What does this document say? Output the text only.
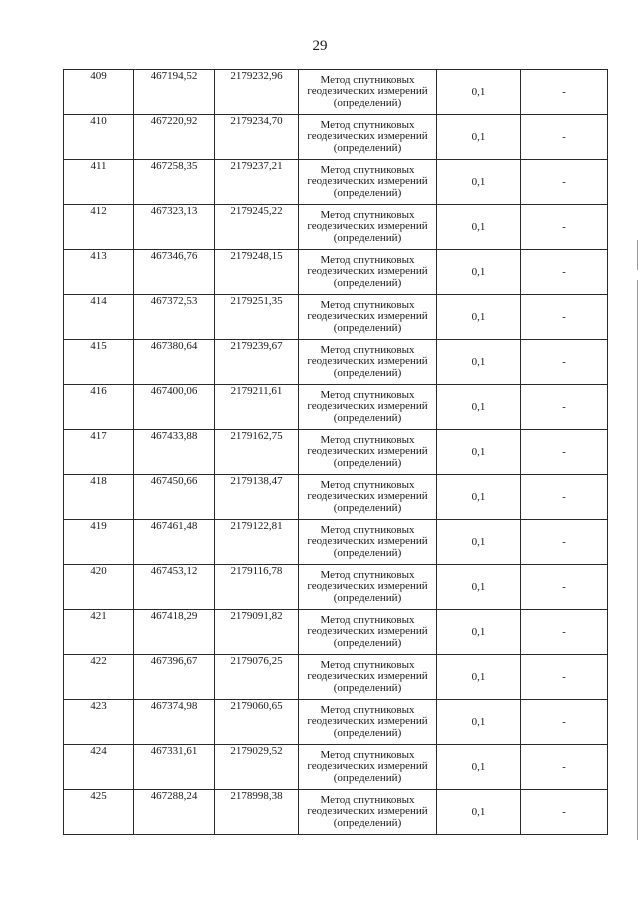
29
409	467194,52	2179232,96	Метод спутниковых
геодезических измерений
(определений)	0,1	-
410	467220,92	2179234,70	Метод спутниковых
геодезических измерений
(определений)	0,1	-
411	467258,35	2179237,21	Метод спутниковых
геодезических измерений
(определений)	0,1	-
412	467323,13	2179245,22	Метод спутниковых
геодезических измерений
(определений)	0,1	-
413	467346,76	2179248,15	Метод спутниковых
геодезических измерений
(определений)	0,1	-
414	467372,53	2179251,35	Метод спутниковых
геодезических измерений
(определений)	0,1	-
415	467380,64	2179239,67	Метод спутниковых
геодезических измерений
(определений)	0,1	-
416	467400,06	2179211,61	Метод спутниковых
геодезических измерений
(определений)	0,1	-
417	467433,88	2179162,75	Метод спутниковых
геодезических измерений
(определений)	0,1	-
418	467450,66	2179138,47	Метод спутниковых
геодезических измерений
(определений)	0,1	-
419	467461,48	2179122,81	Метод спутниковых
геодезических измерений
(определений)	0,1	-
420	467453,12	2179116,78	Метод спутниковых
геодезических измерений
(определений)	0,1	-
421	467418,29	2179091,82	Метод спутниковых
геодезических измерений
(определений)	0,1	-
422	467396,67	2179076,25	Метод спутниковых
геодезических измерений
(определений)	0,1	-
423	467374,98	2179060,65	Метод спутниковых
геодезических измерений
(определений)	0,1	-
424	467331,61	2179029,52	Метод спутниковых
геодезических измерений
(определений)	0,1	-
425	467288,24	2178998,38	Метод спутниковых
геодезических измерений
(определений)	0,1	-
